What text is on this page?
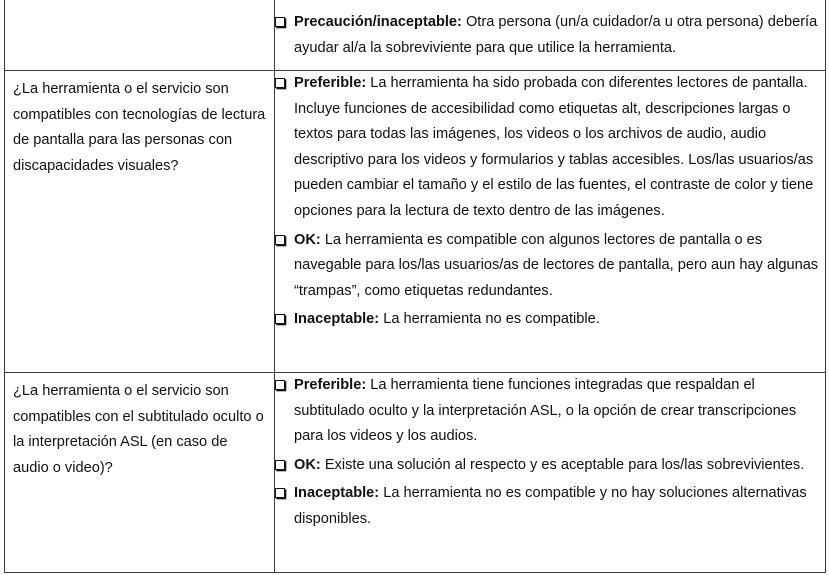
	Precaución/inaceptable: Otra persona (un/a cuidador/a u otra persona) debería ayudar al/a la sobreviviente para que utilice la herramienta.

¿La herramienta o el servicio son compatibles con tecnologías de lectura de pantalla para las personas con discapacidades visuales?	Preferible: La herramienta ha sido probada con diferentes lectores de pantalla. Incluye funciones de accesibilidad como etiquetas alt, descripciones largas o textos para todas las imágenes, los videos o los archivos de audio, audio descriptivo para los videos y formularios y tablas accesibles. Los/las usuarios/as pueden cambiar el tamaño y el estilo de las fuentes, el contraste de color y tiene opciones para la lectura de texto dentro de las imágenes.
OK: La herramienta es compatible con algunos lectores de pantalla o es navegable para los/las usuarios/as de lectores de pantalla, pero aun hay algunas “trampas”, como etiquetas redundantes.
Inaceptable: La herramienta no es compatible.

¿La herramienta o el servicio son compatibles con el subtitulado oculto o la interpretación ASL (en caso de audio o video)?	Preferible: La herramienta tiene funciones integradas que respaldan el subtitulado oculto y la interpretación ASL, o la opción de crear transcripciones para los videos y los audios.
OK: Existe una solución al respecto y es aceptable para los/las sobrevivientes.
Inaceptable: La herramienta no es compatible y no hay soluciones alternativas disponibles.
